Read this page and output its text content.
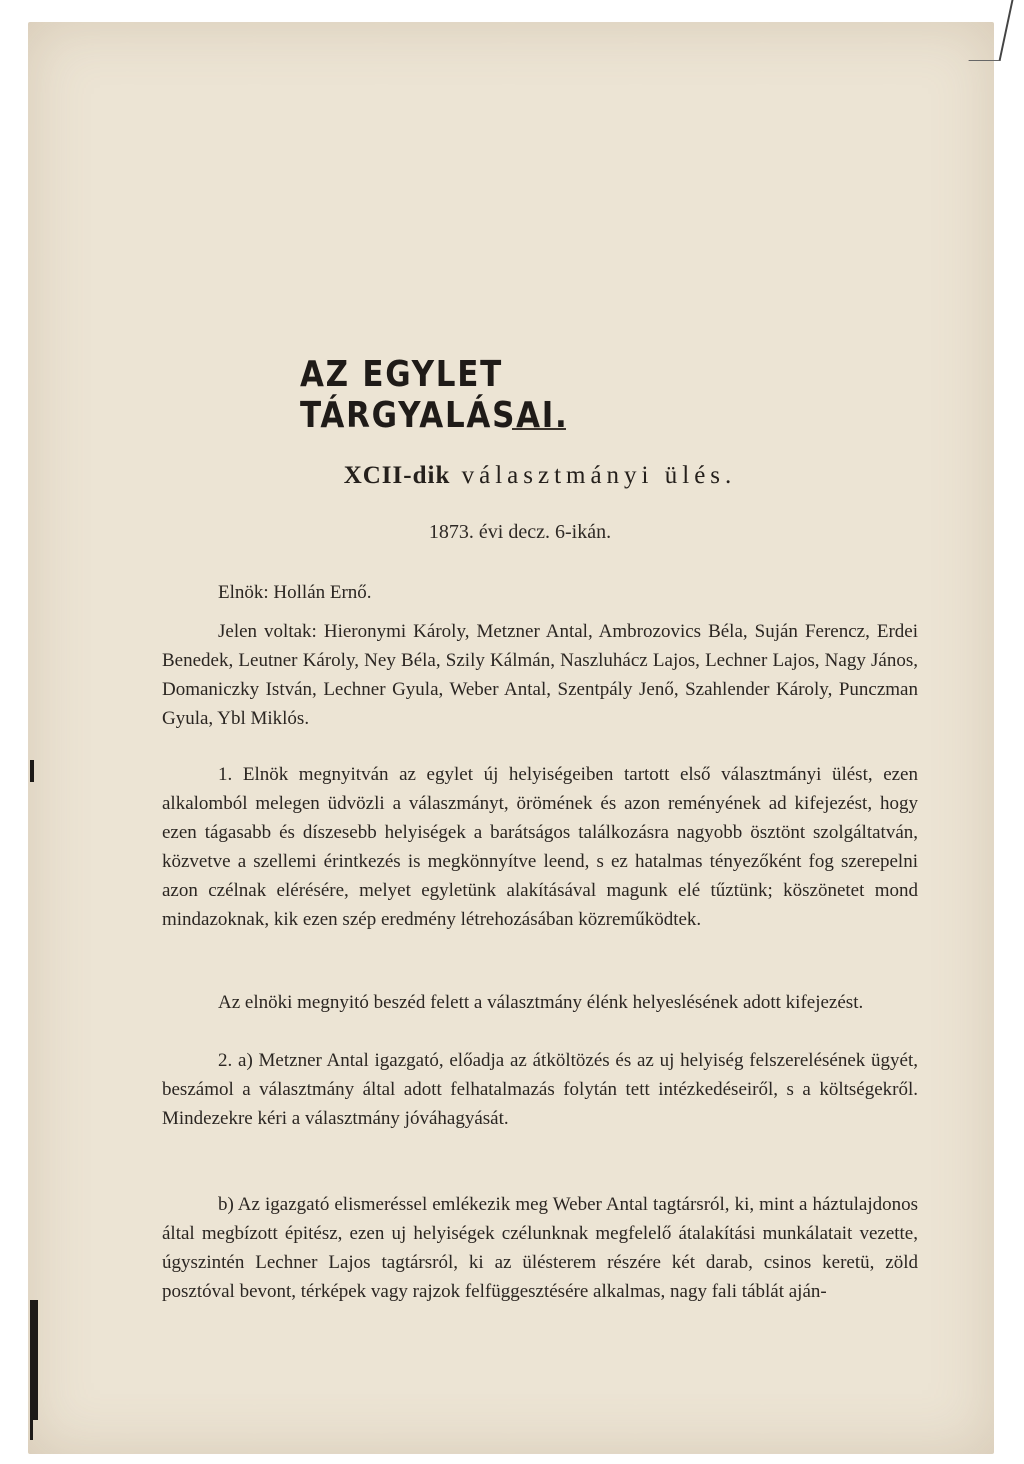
AZ EGYLET TÁRGYALÁSAI.
XCII-dik választmányi ülés.
1873. évi decz. 6-ikán.
Elnök: Hollán Ernő.

Jelen voltak: Hieronymi Károly, Metzner Antal, Ambrozovics Béla, Suján Ferencz, Erdei Benedek, Leutner Károly, Ney Béla, Szily Kálmán, Naszluhácz Lajos, Lechner Lajos, Nagy János, Domaniczky István, Lechner Gyula, Weber Antal, Szentpály Jenő, Szahlender Károly, Punczman Gyula, Ybl Miklós.

1. Elnök megnyitván az egylet új helyiségeiben tartott első választmányi ülést, ezen alkalomból melegen üdvözli a válaszmányt, örömének és azon reményének ad kifejezést, hogy ezen tágasabb és díszesebb helyiségek a barátságos találkozásra nagyobb ösztönt szolgáltatván, közvetve a szellemi érintkezés is megkönnyítve leend, s ez hatalmas tényezőként fog szerepelni azon czélnak elérésére, melyet egyletünk alakításával magunk elé tűztünk; köszönetet mond mindazoknak, kik ezen szép eredmény létrehozásában közreműködtek.

Az elnöki megnyitó beszéd felett a választmány élénk helyeslésének adott kifejezést.

2. a) Metzner Antal igazgató, előadja az átköltözés és az uj helyiség felszerelésének ügyét, beszámol a választmány által adott felhatalmazás folytán tett intézkedéseiről, s a költségekről. Mindezekre kéri a választmány jóváhagyását.

b) Az igazgató elismeréssel emlékezik meg Weber Antal tagtársról, ki, mint a háztulajdonos által megbízott épitész, ezen uj helyiségek czélunknak megfelelő átalakítási munkálatait vezette, úgyszintén Lechner Lajos tagtársról, ki az ülésterem részére két darab, csinos keretü, zöld posztóval bevont, térképek vagy rajzok felfüggesztésére alkalmas, nagy fali táblát aján-
